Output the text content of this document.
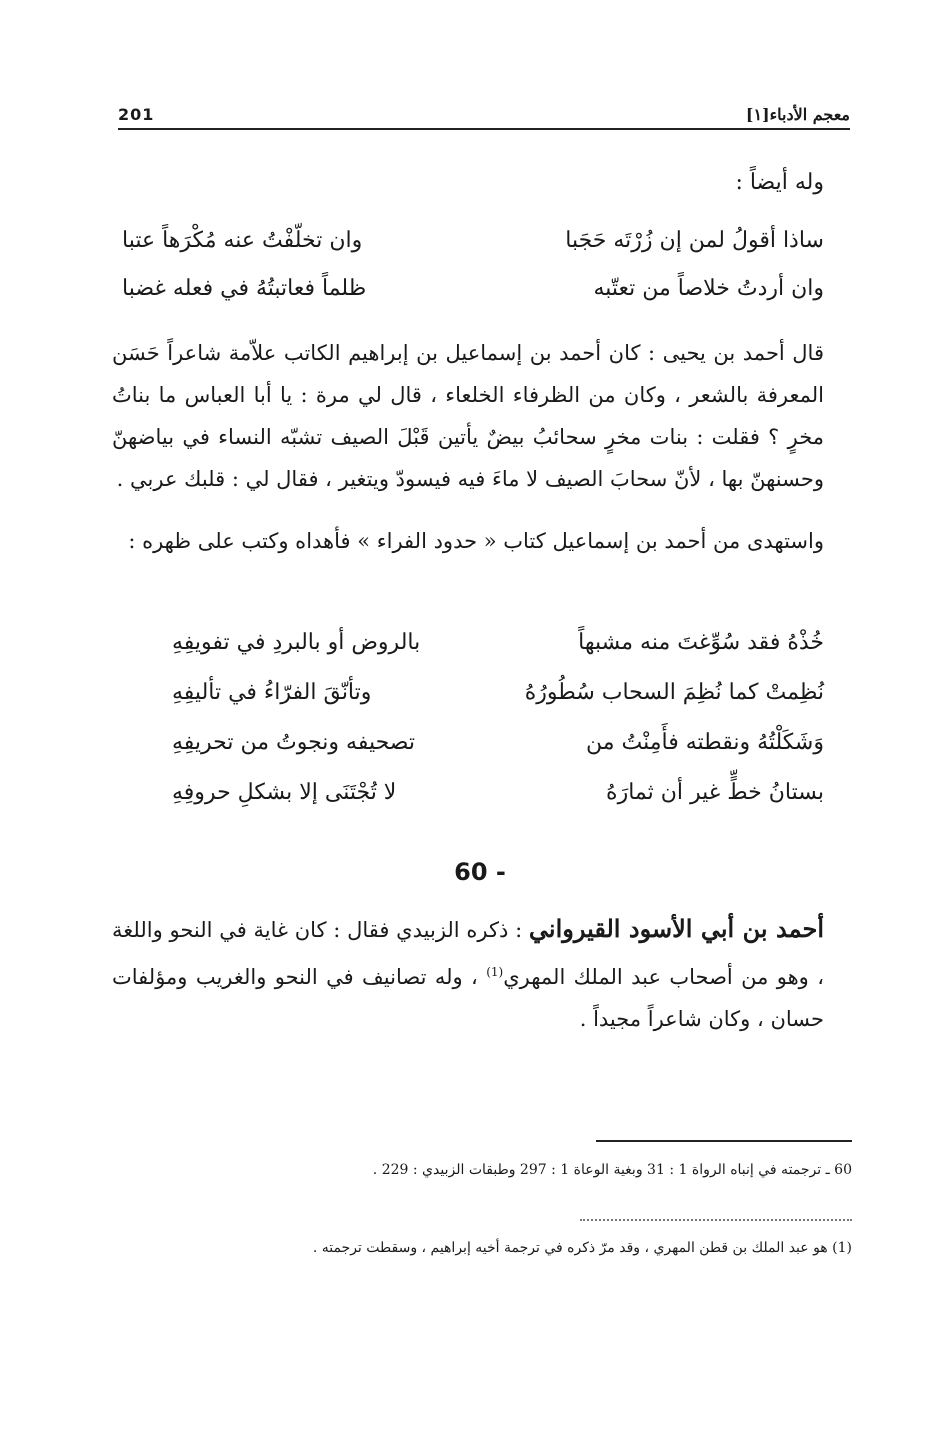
معجم الأدباء[١]
201
وله أيضاً :
ساذا أقولُ لمن إن زُرْتَه حَجَبا
وان تخلّفْتُ عنه مُكْرَهاً عتبا
وان أردتُ خلاصاً من تعتّبه
ظلماً فعاتبتُهُ في فعله غضبا
قال أحمد بن يحيى : كان أحمد بن إسماعيل بن إبراهيم الكاتب علاّمة شاعراً حَسَن المعرفة بالشعر ، وكان من الظرفاء الخلعاء ، قال لي مرة : يا أبا العباس ما بناتُ مخرٍ ؟ فقلت : بنات مخرٍ سحائبُ بيضٌ يأتين قَبْلَ الصيف تشبّه النساء في بياضهنّ وحسنهنّ بها ، لأنّ سحابَ الصيف لا ماءَ فيه فيسودّ ويتغير ، فقال لي : قلبك عربي .
واستهدى من أحمد بن إسماعيل كتاب « حدود الفراء » فأهداه وكتب على ظهره :
خُذْهُ فقد سُوِّغتَ منه مشبهاً
بالروض أو بالبردِ في تفويفِهِ
نُظِمتْ كما نُظِمَ السحاب سُطُورُهُ
وتأنّقَ الفرّاءُ في تأليفِهِ
وَشَكَلْتُهُ ونقطته فأَمِنْتُ من
تصحيفه ونجوتُ من تحريفِهِ
بستانُ خطٍّ غير أن ثمارَهُ
لا تُجْتَنَى إلا بشكلِ حروفِهِ
60 -
أحمد بن أبي الأسود القيرواني : ذكره الزبيدي فقال : كان غاية في النحو واللغة ، وهو من أصحاب عبد الملك المهري$^{(1)}$ ، وله تصانيف في النحو والغريب ومؤلفات حسان ، وكان شاعراً مجيداً .
60 ـ ترجمته في إنباه الرواة 1 : 31 وبغية الوعاة 1 : 297 وطبقات الزبيدي : 229 .
(1) هو عبد الملك بن قطن المهري ، وقد مرّ ذكره في ترجمة أخيه إبراهيم ، وسقطت ترجمته .
